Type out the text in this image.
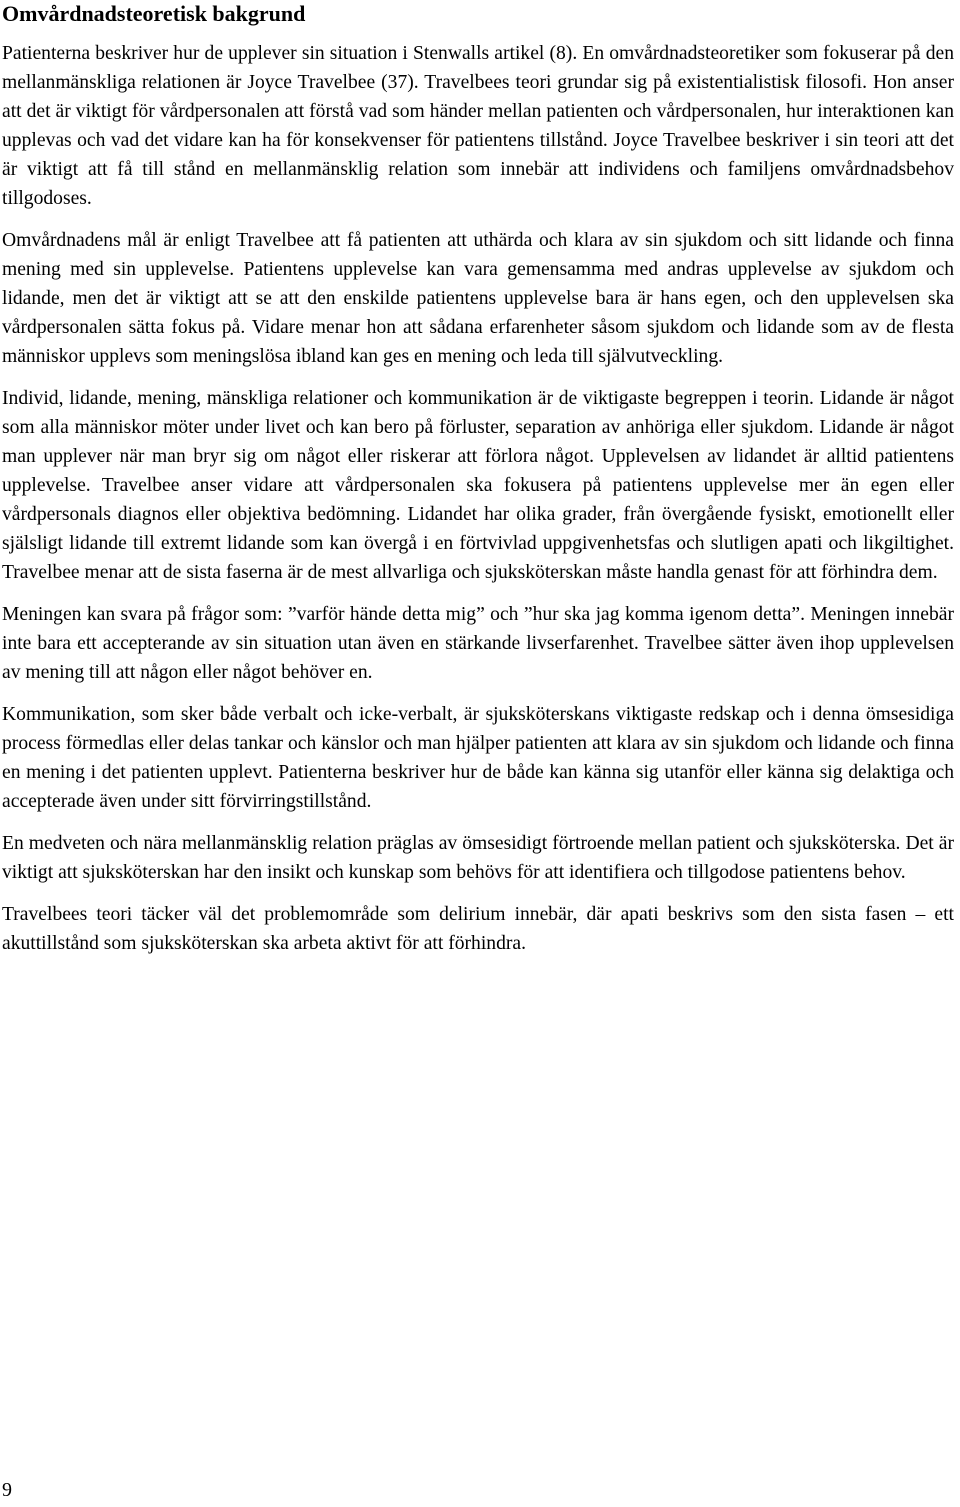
Omvårdnadsteoretisk bakgrund

Patienterna beskriver hur de upplever sin situation i Stenwalls artikel (8). En omvårdnadsteoretiker som fokuserar på den mellanmänskliga relationen är Joyce Travelbee (37). Travelbees teori grundar sig på existentialistisk filosofi. Hon anser att det är viktigt för vårdpersonalen att förstå vad som händer mellan patienten och vårdpersonalen, hur interaktionen kan upplevas och vad det vidare kan ha för konsekvenser för patientens tillstånd. Joyce Travelbee beskriver i sin teori att det är viktigt att få till stånd en mellanmänsklig relation som innebär att individens och familjens omvårdnadsbehov tillgodoses.

Omvårdnadens mål är enligt Travelbee att få patienten att uthärda och klara av sin sjukdom och sitt lidande och finna mening med sin upplevelse. Patientens upplevelse kan vara gemensamma med andras upplevelse av sjukdom och lidande, men det är viktigt att se att den enskilde patientens upplevelse bara är hans egen, och den upplevelsen ska vårdpersonalen sätta fokus på. Vidare menar hon att sådana erfarenheter såsom sjukdom och lidande som av de flesta människor upplevs som meningslösa ibland kan ges en mening och leda till självutveckling.

Individ, lidande, mening, mänskliga relationer och kommunikation är de viktigaste begreppen i teorin. Lidande är något som alla människor möter under livet och kan bero på förluster, separation av anhöriga eller sjukdom. Lidande är något man upplever när man bryr sig om något eller riskerar att förlora något. Upplevelsen av lidandet är alltid patientens upplevelse. Travelbee anser vidare att vårdpersonalen ska fokusera på patientens upplevelse mer än egen eller vårdpersonals diagnos eller objektiva bedömning. Lidandet har olika grader, från övergående fysiskt, emotionellt eller själsligt lidande till extremt lidande som kan övergå i en förtvivlad uppgivenhetsfas och slutligen apati och likgiltighet. Travelbee menar att de sista faserna är de mest allvarliga och sjuksköterskan måste handla genast för att förhindra dem.

Meningen kan svara på frågor som: ”varför hände detta mig” och ”hur ska jag komma igenom detta”. Meningen innebär inte bara ett accepterande av sin situation utan även en stärkande livserfarenhet. Travelbee sätter även ihop upplevelsen av mening till att någon eller något behöver en.

Kommunikation, som sker både verbalt och icke-verbalt, är sjuksköterskans viktigaste redskap och i denna ömsesidiga process förmedlas eller delas tankar och känslor och man hjälper patienten att klara av sin sjukdom och lidande och finna en mening i det patienten upplevt. Patienterna beskriver hur de både kan känna sig utanför eller känna sig delaktiga och accepterade även under sitt förvirringstillstånd.

En medveten och nära mellanmänsklig relation präglas av ömsesidigt förtroende mellan patient och sjuksköterska. Det är viktigt att sjuksköterskan har den insikt och kunskap som behövs för att identifiera och tillgodose patientens behov.

Travelbees teori täcker väl det problemområde som delirium innebär, där apati beskrivs som den sista fasen – ett akuttillstånd som sjuksköterskan ska arbeta aktivt för att förhindra.

9
